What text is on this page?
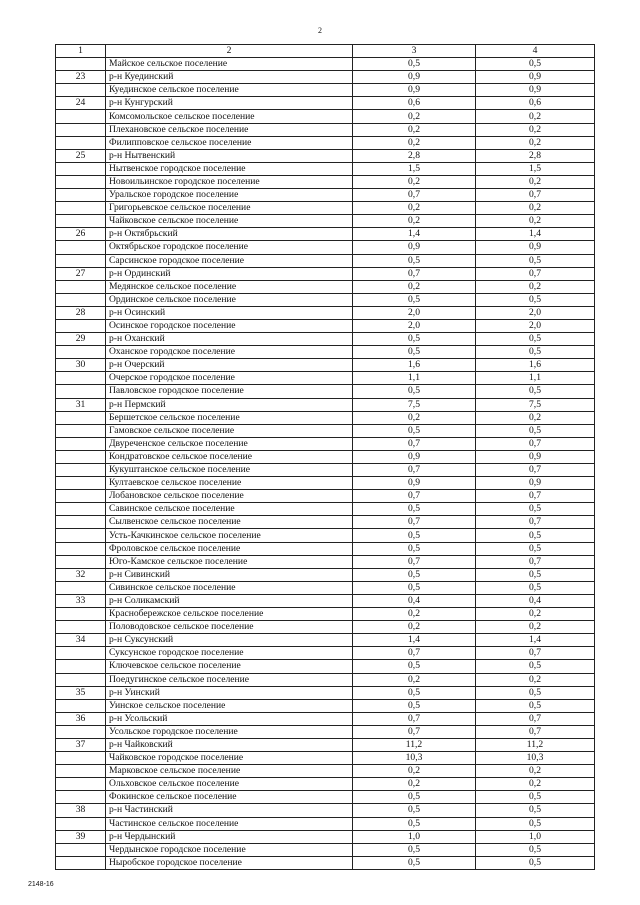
2
1	2	3	4
	Майское сельское поселение	0,5	0,5
23	р-н Куединский	0,9	0,9
	Куединское сельское поселение	0,9	0,9
24	р-н Кунгурский	0,6	0,6
	Комсомольское сельское поселение	0,2	0,2
	Плехановское сельское поселение	0,2	0,2
	Филипповское сельское поселение	0,2	0,2
25	р-н Нытвенский	2,8	2,8
	Нытвенское городское поселение	1,5	1,5
	Новоильинское городское поселение	0,2	0,2
	Уральское городское поселение	0,7	0,7
	Григорьевское сельское поселение	0,2	0,2
	Чайковское сельское поселение	0,2	0,2
26	р-н Октябрьский	1,4	1,4
	Октябрьское городское поселение	0,9	0,9
	Сарсинское городское поселение	0,5	0,5
27	р-н Ординский	0,7	0,7
	Медянское сельское поселение	0,2	0,2
	Ординское сельское поселение	0,5	0,5
28	р-н Осинский	2,0	2,0
	Осинское городское поселение	2,0	2,0
29	р-н Оханский	0,5	0,5
	Оханское городское поселение	0,5	0,5
30	р-н Очерский	1,6	1,6
	Очерское городское поселение	1,1	1,1
	Павловское городское поселение	0,5	0,5
31	р-н Пермский	7,5	7,5
	Бершетское сельское поселение	0,2	0,2
	Гамовское сельское поселение	0,5	0,5
	Двуреченское сельское поселение	0,7	0,7
	Кондратовское сельское поселение	0,9	0,9
	Кукуштанское сельское поселение	0,7	0,7
	Култаевское сельское поселение	0,9	0,9
	Лобановское сельское поселение	0,7	0,7
	Савинское сельское поселение	0,5	0,5
	Сылвенское сельское поселение	0,7	0,7
	Усть-Качкинское сельское поселение	0,5	0,5
	Фроловское сельское поселение	0,5	0,5
	Юго-Камское сельское поселение	0,7	0,7
32	р-н Сивинский	0,5	0,5
	Сивинское сельское поселение	0,5	0,5
33	р-н Соликамский	0,4	0,4
	Краснобережское сельское поселение	0,2	0,2
	Половодовское сельское поселение	0,2	0,2
34	р-н Суксунский	1,4	1,4
	Суксунское городское поселение	0,7	0,7
	Ключевское сельское поселение	0,5	0,5
	Поедугинское сельское поселение	0,2	0,2
35	р-н Уинский	0,5	0,5
	Уинское сельское поселение	0,5	0,5
36	р-н Усольский	0,7	0,7
	Усольское городское поселение	0,7	0,7
37	р-н Чайковский	11,2	11,2
	Чайковское городское поселение	10,3	10,3
	Марковское сельское поселение	0,2	0,2
	Ольховское сельское поселение	0,2	0,2
	Фокинское сельское поселение	0,5	0,5
38	р-н Частинский	0,5	0,5
	Частинское сельское поселение	0,5	0,5
39	р-н Чердынский	1,0	1,0
	Чердынское городское поселение	0,5	0,5
	Ныробское городское поселение	0,5	0,5
2148-16
